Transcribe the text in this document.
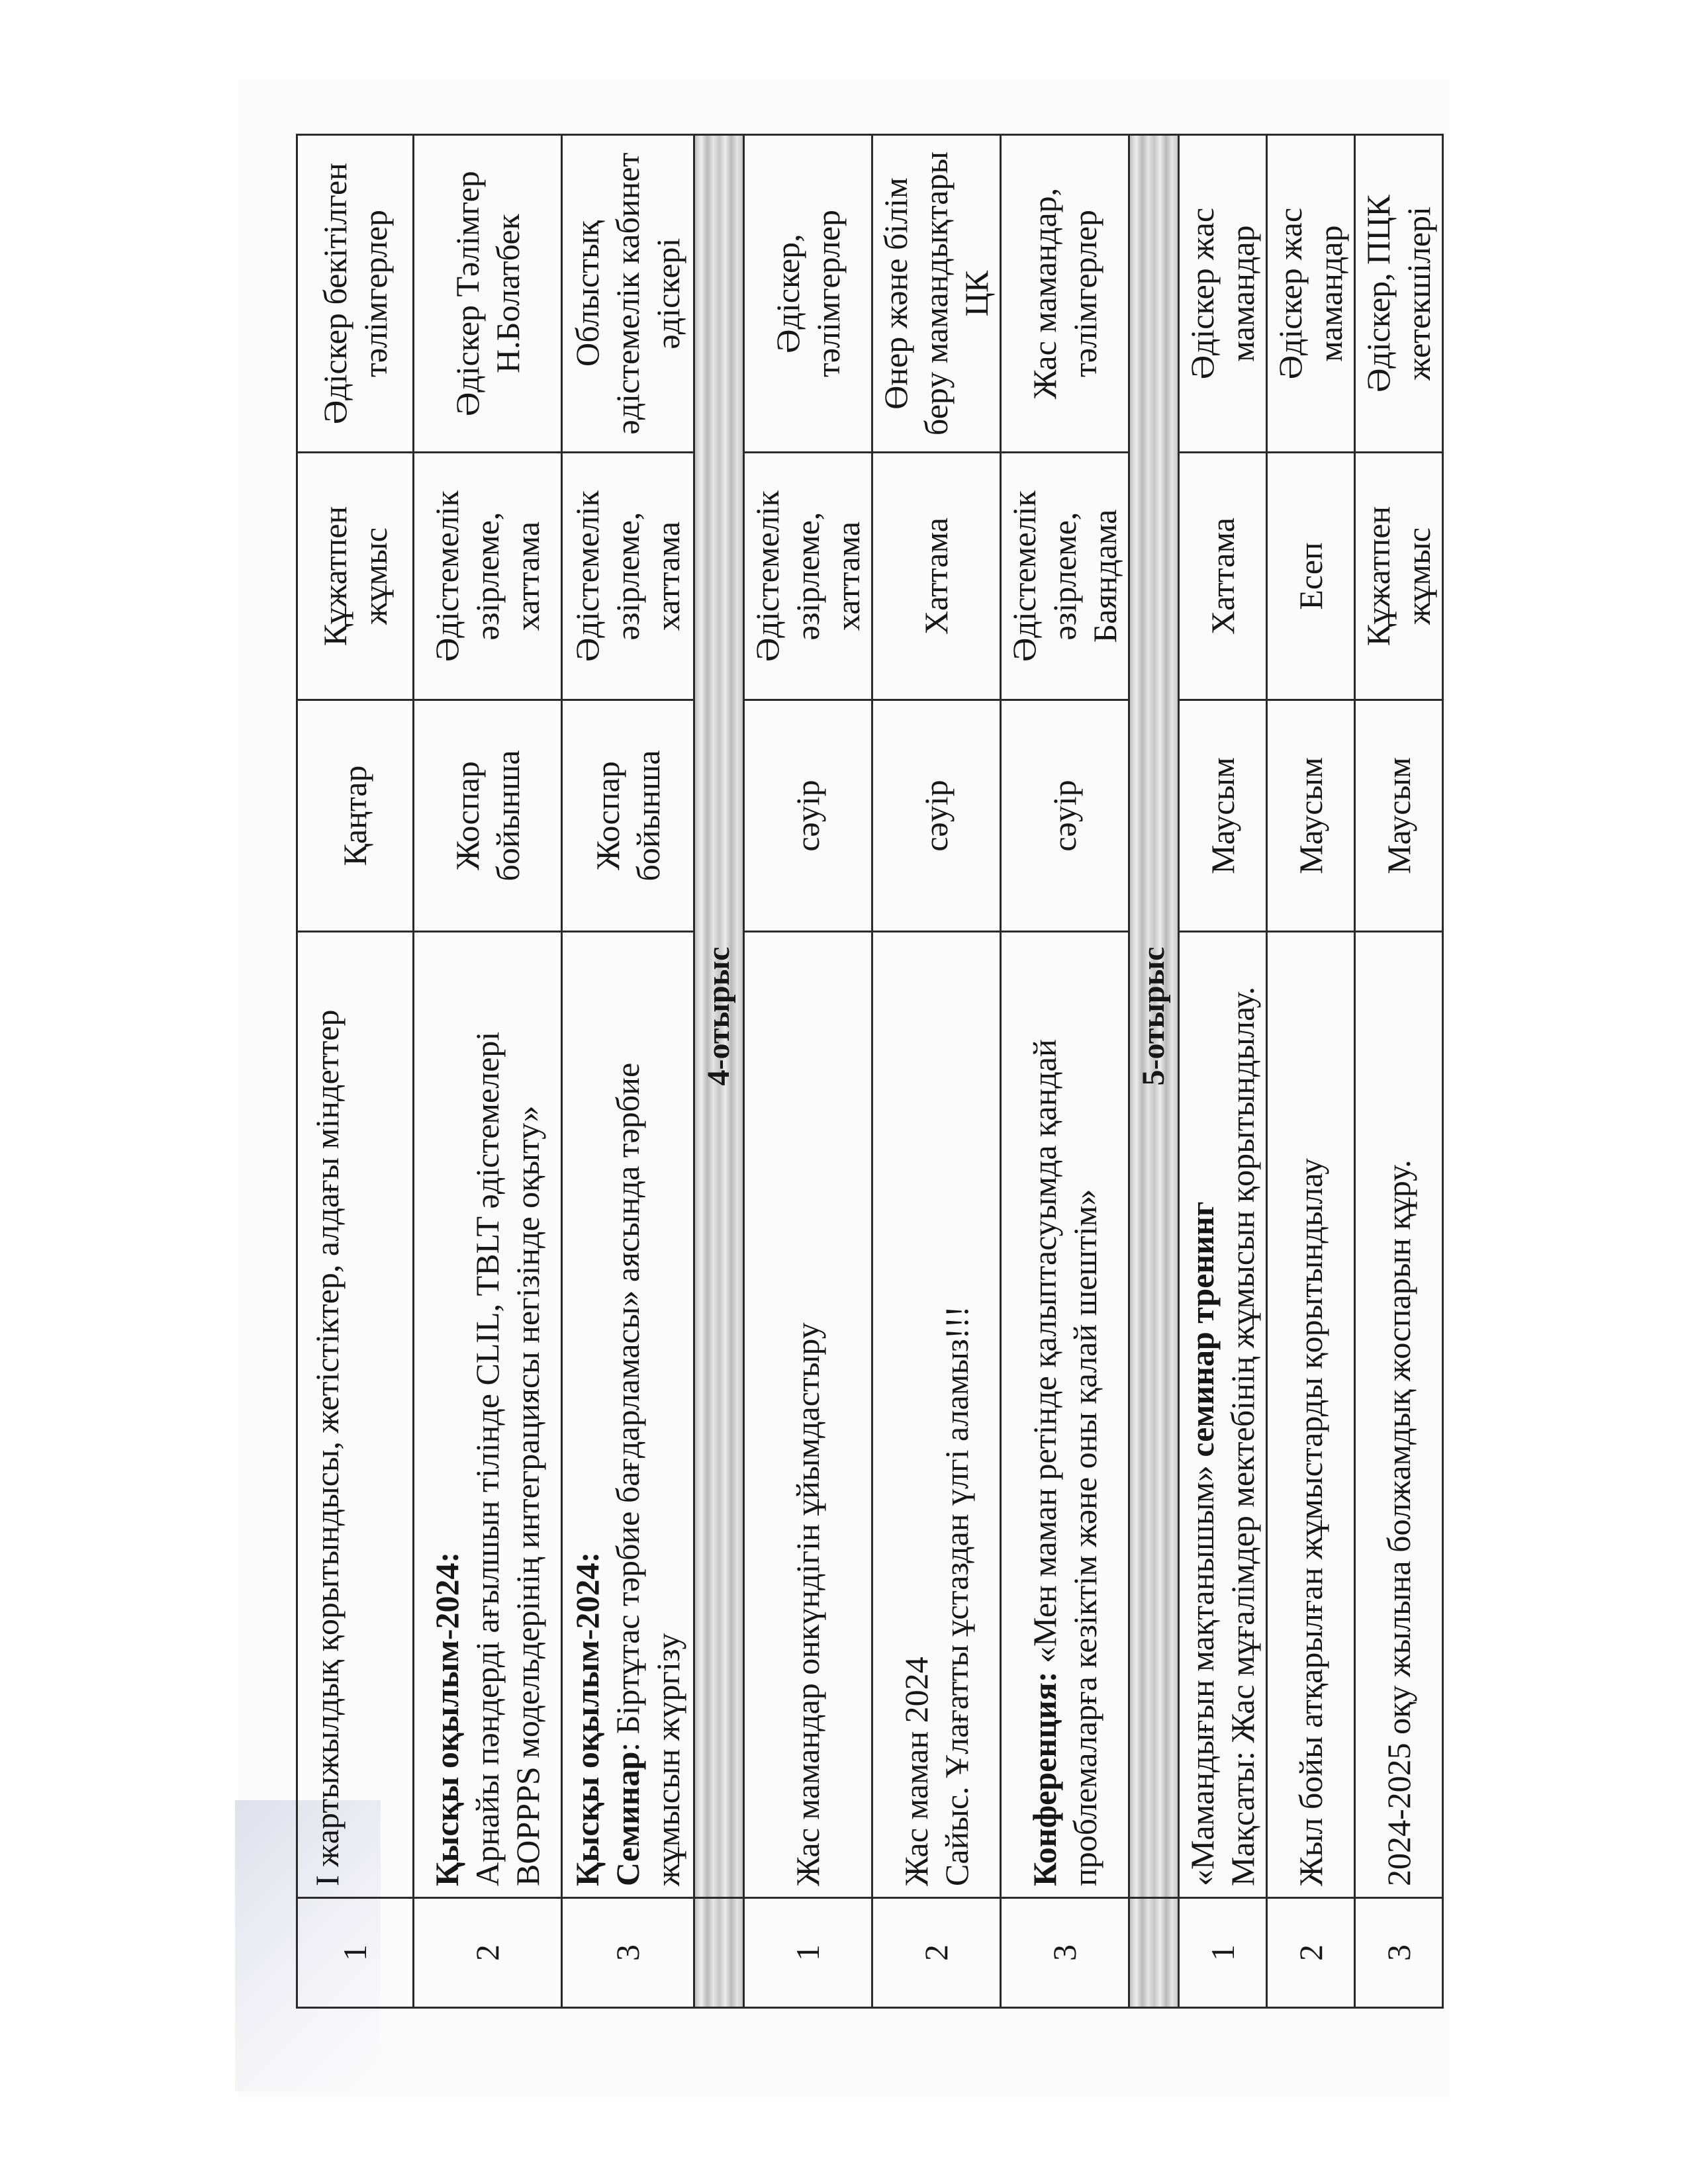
1	I жартыжылдық қорытындысы, жетістіктер, алдағы міндеттер	Қаңтар	Құжатпен жұмыс	Әдіскер бекітілген тәлімгерлер
2	Қысқы оқылым-2024: Арнайы пәндерді ағылшын тілінде CLIL, TBLT әдістемелері BOPPPS модельдерінің интеграциясы негізінде оқыту»	Жоспар бойынша	Әдістемелік әзірлеме, хаттама	Әдіскер Тәлімгер Н.Болатбек
3	Қысқы оқылым-2024: Семинар: Біртұтас тәрбие бағдарламасы» аясында тәрбие жұмысын жүргізу	Жоспар бойынша	Әдістемелік әзірлеме, хаттама	Облыстық әдістемелік кабинет әдіскері
	4-отырыс			
1	Жас мамандар онкүндігін ұйымдастыру	сәуір	Әдістемелік әзірлеме, хаттама	Әдіскер, тәлімгерлер
2	Жас маман 2024 Сайыс. Ұлағатты ұстаздан үлгі аламыз!!!	сәуір	Хаттама	Өнер және білім беру мамандықтары ЦК
3	Конференция: «Мен маман ретінде қалыптасуымда қандай проблемаларға кезіктім және оны қалай шештім»	сәуір	Әдістемелік әзірлеме, Баяндама	Жас мамандар, тәлімгерлер
	5-отырыс			
1	«Мамандығын мақтанышым» семинар тренинг Мақсаты: Жас мұғалімдер мектебінің жұмысын қорытындылау.	Маусым	Хаттама	Әдіскер жас мамандар
2	Жыл бойы атқарылған жұмыстарды қорытындылау	Маусым	Есеп	Әдіскер жас мамандар
3	2024-2025 оқу жылына болжамдық жоспарын құру.	Маусым	Құжатпен жұмыс	Әдіскер, ПЦК жетекшілері
